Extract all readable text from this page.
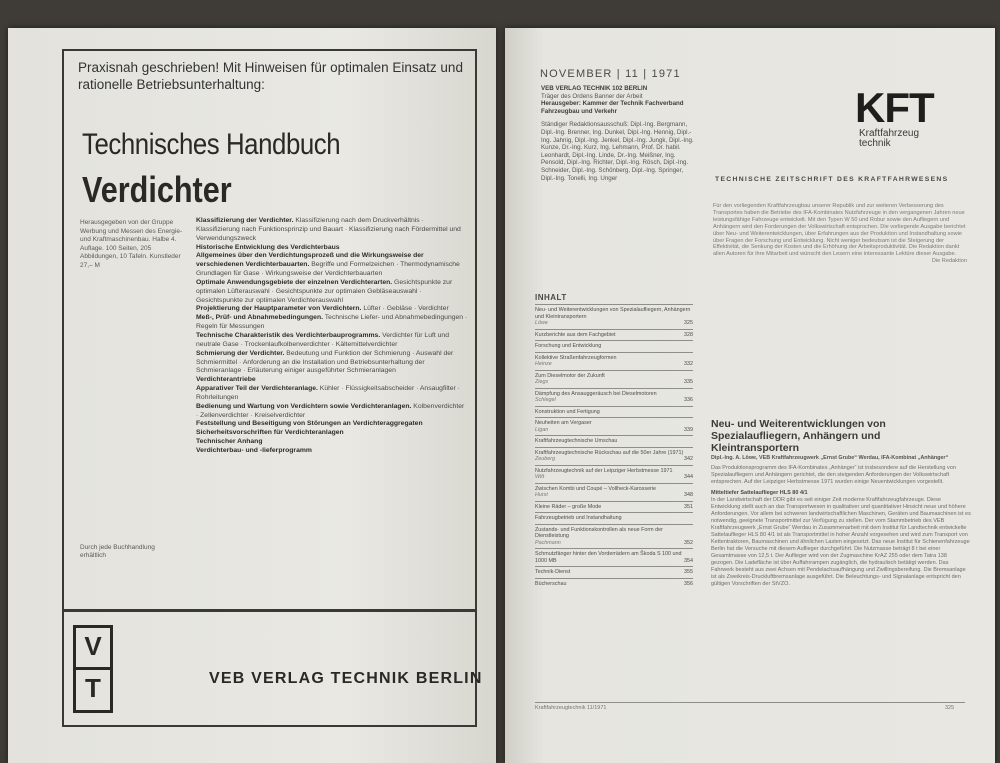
Praxisnah geschrieben! Mit Hinweisen für optimalen Einsatz und rationelle Betriebsunterhaltung:
Technisches Handbuch
Verdichter
Herausgegeben von der Gruppe Werbung und Messen des Energie- und Kraftmaschinenbau. Halbe 4. Auflage. 100 Seiten, 205 Abbildungen, 10 Tafeln. Kunstleder 27,– M
Klassifizierung der Verdichter. Klassifizierung nach dem Druckverhältnis · Klassifizierung nach Funktionsprinzip und Bauart · Klassifizierung nach Fördermittel und Verwendungszweck
Historische Entwicklung des Verdichterbaus
Allgemeines über den Verdichtungsprozeß und die Wirkungsweise der verschiedenen Verdichterbauarten. Begriffe und Formelzeichen · Thermodynamische Grundlagen für Gase · Wirkungsweise der Verdichterbauarten
Optimale Anwendungsgebiete der einzelnen Verdichterarten. Gesichtspunkte zur optimalen Lüfterauswahl · Gesichtspunkte zur optimalen Gebläseauswahl · Gesichtspunkte zur optimalen Verdichterauswahl
Projektierung der Hauptparameter von Verdichtern. Lüfter · Gebläse · Verdichter
Meß-, Prüf- und Abnahmebedingungen. Technische Liefer- und Abnahmebedingungen · Regeln für Messungen
Technische Charakteristik des Verdichterbauprogramms. Verdichter für Luft und neutrale Gase · Trockenlaufkolbenverdichter · Kältemittelverdichter
Schmierung der Verdichter. Bedeutung und Funktion der Schmierung · Auswahl der Schmiermittel · Anforderung an die Installation und Betriebsunterhaltung der Schmieranlage · Erläuterung einiger ausgeführter Schmieranlagen
Verdichterantriebe
Apparativer Teil der Verdichteranlage. Kühler · Flüssigkeitsabscheider · Ansaugfilter · Rohrleitungen
Bedienung und Wartung von Verdichtern sowie Verdichteranlagen. Kolbenverdichter · Zellenverdichter · Kreiselverdichter
Feststellung und Beseitigung von Störungen an Verdichteraggregaten
Sicherheitsvorschriften für Verdichteranlagen
Technischer Anhang
Verdichterbau- und -lieferprogramm
Durch jede Buchhandlung erhältlich
V
T	VEB VERLAG TECHNIK BERLIN
NOVEMBER | 11 | 1971
VEB VERLAG TECHNIK 102 BERLIN
Träger des Ordens Banner der Arbeit
Herausgeber: Kammer der Technik Fachverband Fahrzeugbau und Verkehr
Ständiger Redaktionsausschuß: Dipl.-Ing. Bergmann, Dipl.-Ing. Brenner, Ing. Dunkel, Dipl.-Ing. Hennig, Dipl.-Ing. Jahnig, Dipl.-Ing. Jenkel, Dipl.-Ing. Jungk, Dipl.-Ing. Kunze, Dr.-Ing. Kurz, Ing. Lehmann, Prof. Dr. habil. Leonhardt, Dipl.-Ing. Linde, Dr.-Ing. Meißner, Ing. Pensold, Dipl.-Ing. Richter, Dipl.-Ing. Rösch, Dipl.-Ing. Schneider, Dipl.-Ing. Schönberg, Dipl.-Ing. Springer, Dipl.-Ing. Tonelli, Ing. Unger
KFT
Kraftfahrzeug
technik
TECHNISCHE ZEITSCHRIFT DES KRAFTFAHRWESENS
Für den vorliegenden Kraftfahrzeugbau unserer Republik und zur weiteren Verbesserung des Transportes haben die Betriebe des IFA-Kombinates Nutzfahrzeuge in den vergangenen Jahren neue leistungsfähige Fahrzeuge entwickelt. Mit den Typen W 50 und Robur sowie den Aufliegern und Anhängern wird den Forderungen der Volkswirtschaft entsprochen. Die vorliegende Ausgabe berichtet über Neu- und Weiterentwicklungen, über Erfahrungen aus der Produktion und Instandhaltung sowie über Fragen der Forschung und Entwicklung. Nicht weniger bedeutsam ist die Steigerung der Effektivität, die Senkung der Kosten und die Erhöhung der Arbeitsproduktivität. Die Redaktion dankt allen Autoren für ihre Mitarbeit und wünscht den Lesern eine interessante Lektüre dieser Ausgabe.
Die Redaktion
INHALT
Neu- und Weiterentwicklungen von Spezialaufliegern, Anhängern und Kleintransportern
Löwe	325
Kurzberichte aus dem Fachgebiet	328
Forschung und Entwicklung
Kollektive Straßenfahrzeugformen
Heinze	332
Zum Dieselmotor der Zukunft
Ziegs	335
Dämpfung des Ansauggeräusch bei Dieselmotoren
Schlegel	336
Konstruktion und Fertigung
Neuheiten am Vergaser
Ligan	339
Kraftfahrzeugtechnische Umschau
Kraftfahrzeugtechnische Rückschau auf die 50er Jahre (1971)
Zeuberg	342
Nutzfahrzeugtechnik auf der Leipziger Herbstmesse 1971
Witt	344
Zwischen Kombi und Coupé – Vollheck-Karosserie
Hurst	348
Kleine Räder – große Mode	351
Fahrzeugbetrieb und Instandhaltung
Zustands- und Funktionskontrollen als neue Form der Dienstleistung
Pachmann	352
Schmutzfänger hinter den Vorderrädern am Škoda S 100 und 1000 MB	354
Technik-Dienst	355
Bücherschau	356
Neu- und Weiterentwicklungen von Spezialaufliegern, Anhängern und Kleintransportern
Dipl.-Ing. A. Löwe, VEB Kraftfahrzeugwerk „Ernst Grube“ Werdau, IFA-Kombinat „Anhänger“
Das Produktionsprogramm des IFA-Kombinates „Anhänger“ ist insbesondere auf die Herstellung von Spezialaufliegern und Anhängern gerichtet, die den steigenden Anforderungen der Volkswirtschaft entsprechen. Auf der Leipziger Herbstmesse 1971 wurden einige Neuentwicklungen vorgestellt.
Mitteltiefer Sattelauflieger HLS 80 4/1
In der Landwirtschaft der DDR gibt es seit einiger Zeit moderne Kraftfahrzeugfahrzeuge. Diese Entwicklung stellt auch an das Transportwesen in qualitativer und quantitativer Hinsicht neue und höhere Anforderungen. Vor allem bei schweren landwirtschaftlichen Maschinen, Geräten und Baumaschinen ist es notwendig, geeignete Transportmittel zur Verfügung zu stellen. Der vom Stammbetrieb des VEB Kraftfahrzeugwerk „Ernst Grube“ Werdau in Zusammenarbeit mit dem Institut für Landtechnik entwickelte Sattelauflieger HLS 80 4/1 ist als Transportmittel in hoher Anzahl vorgesehen und wird zum Transport von Kettentraktoren, Baumaschinen und ähnlichen Lasten eingesetzt. Das neue Institut für Schienenfahrzeuge Berlin hat die Versuche mit diesem Auflieger durchgeführt. Die Nutzmasse beträgt 8 t bei einer Gesamtmasse von 12,5 t. Der Auflieger wird von der Zugmaschine KrAZ 255 oder dem Tatra 138 gezogen. Die Ladefläche ist über Auffahrrampen zugänglich, die hydraulisch betätigt werden. Das Fahrwerk besteht aus zwei Achsen mit Pendelachsaufhängung und Zwillingsbereifung. Die Bremsanlage ist als Zweikreis-Druckluftbremsanlage ausgeführt. Die Beleuchtungs- und Signalanlage entspricht den gültigen Vorschriften der StVZO.
Kraftfahrzeugtechnik 11/1971	325
